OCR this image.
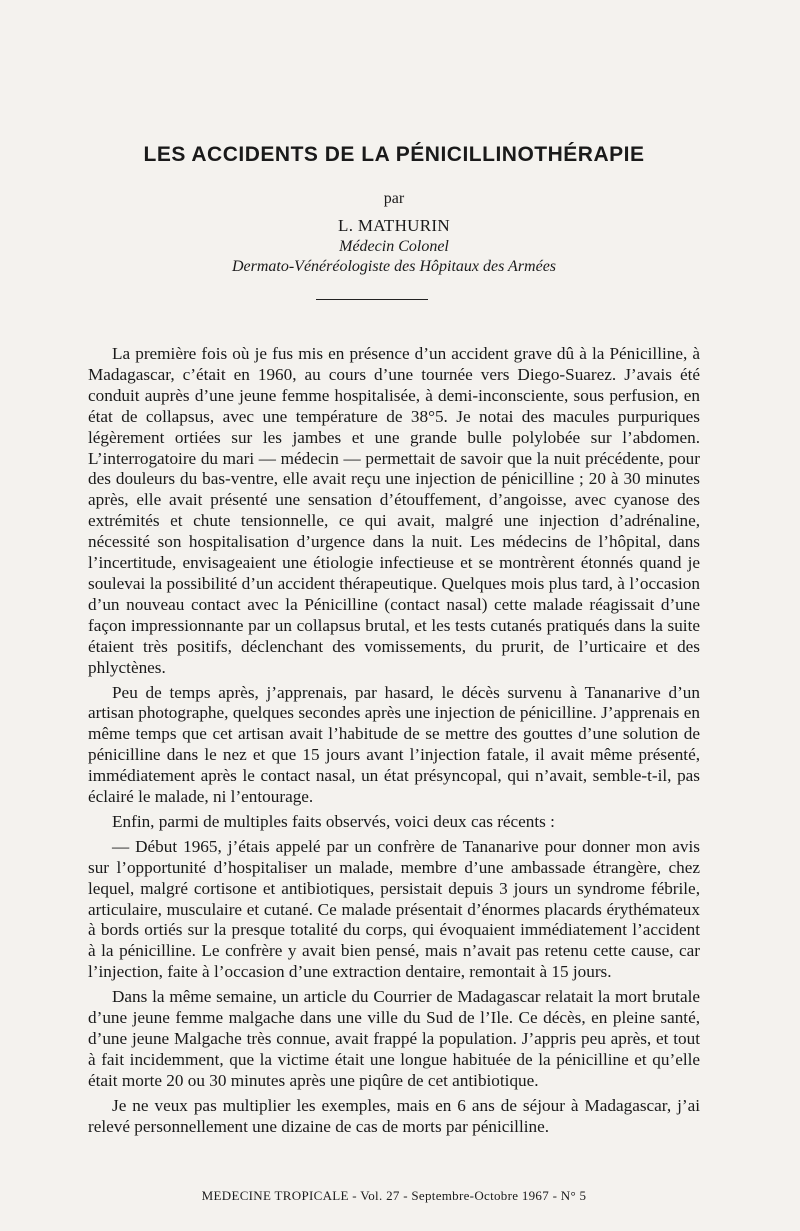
LES ACCIDENTS DE LA PÉNICILLINOTHÉRAPIE
par
L. MATHURIN
Médecin Colonel
Dermato-Vénéréologiste des Hôpitaux des Armées

La première fois où je fus mis en présence d’un accident grave dû à la Pénicilline, à Madagascar, c’était en 1960, au cours d’une tournée vers Diego-Suarez. J’avais été conduit auprès d’une jeune femme hospitalisée, à demi-inconsciente, sous perfusion, en état de collapsus, avec une température de 38°5. Je notai des macules purpuriques légèrement ortiées sur les jambes et une grande bulle polylobée sur l’abdomen. L’interrogatoire du mari — médecin — permettait de savoir que la nuit précédente, pour des douleurs du bas-ventre, elle avait reçu une injection de pénicilline ; 20 à 30 minutes après, elle avait présenté une sensation d’étouffement, d’angoisse, avec cyanose des extrémités et chute tensionnelle, ce qui avait, malgré une injection d’adrénaline, nécessité son hospitalisation d’urgence dans la nuit. Les médecins de l’hôpital, dans l’incertitude, envisageaient une étiologie infectieuse et se montrèrent étonnés quand je soulevai la possibilité d’un accident thérapeutique. Quelques mois plus tard, à l’occasion d’un nouveau contact avec la Pénicilline (contact nasal) cette malade réagissait d’une façon impressionnante par un collapsus brutal, et les tests cutanés pratiqués dans la suite étaient très positifs, déclenchant des vomissements, du prurit, de l’urticaire et des phlyctènes.

Peu de temps après, j’apprenais, par hasard, le décès survenu à Tananarive d’un artisan photographe, quelques secondes après une injection de pénicilline. J’apprenais en même temps que cet artisan avait l’habitude de se mettre des gouttes d’une solution de pénicilline dans le nez et que 15 jours avant l’injection fatale, il avait même présenté, immédiatement après le contact nasal, un état présyncopal, qui n’avait, semble-t-il, pas éclairé le malade, ni l’entourage.

Enfin, parmi de multiples faits observés, voici deux cas récents :

— Début 1965, j’étais appelé par un confrère de Tananarive pour donner mon avis sur l’opportunité d’hospitaliser un malade, membre d’une ambassade étrangère, chez lequel, malgré cortisone et antibiotiques, persistait depuis 3 jours un syndrome fébrile, articulaire, musculaire et cutané. Ce malade présentait d’énormes placards érythémateux à bords ortiés sur la presque totalité du corps, qui évoquaient immédiatement l’accident à la pénicilline. Le confrère y avait bien pensé, mais n’avait pas retenu cette cause, car l’injection, faite à l’occasion d’une extraction dentaire, remontait à 15 jours.

Dans la même semaine, un article du Courrier de Madagascar relatait la mort brutale d’une jeune femme malgache dans une ville du Sud de l’Ile. Ce décès, en pleine santé, d’une jeune Malgache très connue, avait frappé la population. J’appris peu après, et tout à fait incidemment, que la victime était une longue habituée de la pénicilline et qu’elle était morte 20 ou 30 minutes après une piqûre de cet antibiotique.

Je ne veux pas multiplier les exemples, mais en 6 ans de séjour à Madagascar, j’ai relevé personnellement une dizaine de cas de morts par pénicilline.

MEDECINE TROPICALE - Vol. 27 - Septembre-Octobre 1967 - N° 5
